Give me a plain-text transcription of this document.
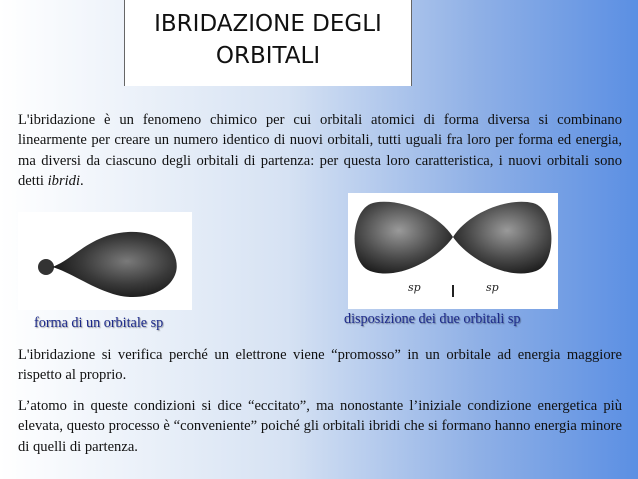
IBRIDAZIONE DEGLI
ORBITALI

L'ibridazione è un fenomeno chimico per cui orbitali atomici di forma diversa si combinano linearmente per creare un numero identico di nuovi orbitali, tutti uguali fra loro per forma ed energia, ma diversi da ciascuno degli orbitali di partenza: per questa loro caratteristica, i nuovi orbitali sono detti ibridi.

sp	sp
forma di un orbitale sp	disposizione dei due orbitali sp

L'ibridazione si verifica perché un elettrone viene “promosso” in un orbitale ad energia maggiore rispetto al proprio.

L’atomo in queste condizioni si dice “eccitato”, ma nonostante l’iniziale condizione energetica più elevata, questo processo è “conveniente” poiché gli orbitali ibridi che si formano hanno energia minore di quelli di partenza.
